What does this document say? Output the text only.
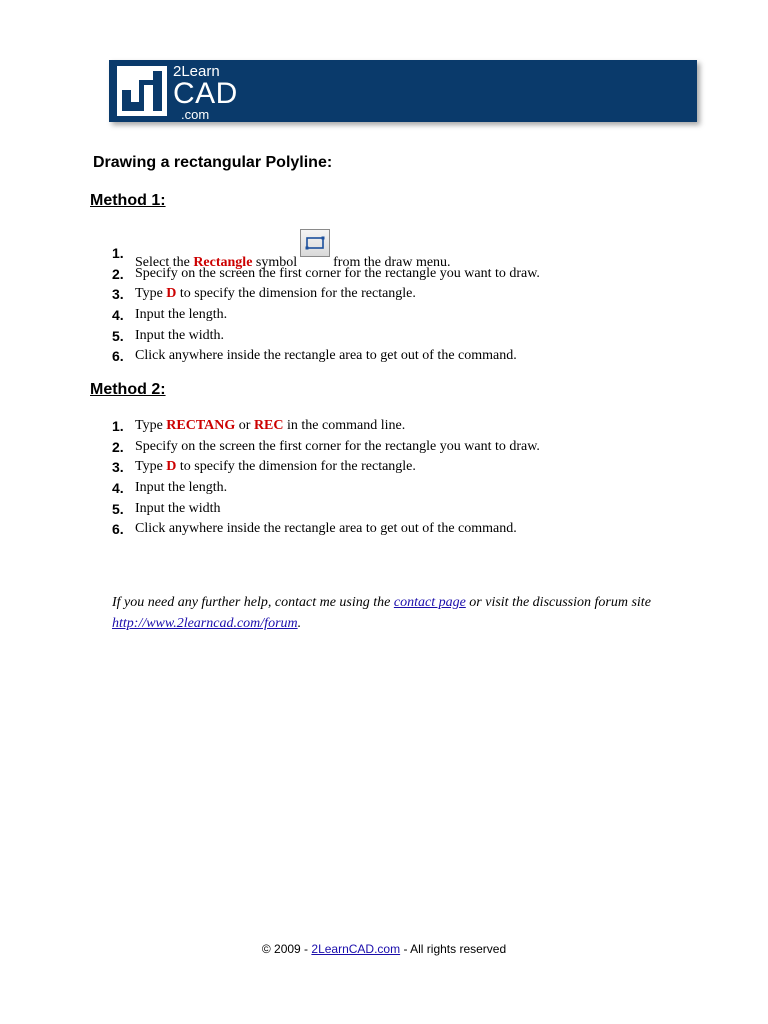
2Learn
CAD
.com
Drawing a rectangular Polyline:
Method 1:
1.
Select the Rectangle symbol	from the draw menu.
2. Specify on the screen the first corner for the rectangle you want to draw.
3. Type D to specify the dimension for the rectangle.
4. Input the length.
5. Input the width.
6. Click anywhere inside the rectangle area to get out of the command.
Method 2:
1. Type RECTANG or REC in the command line.
2. Specify on the screen the first corner for the rectangle you want to draw.
3. Type D to specify the dimension for the rectangle.
4. Input the length.
5. Input the width
6. Click anywhere inside the rectangle area to get out of the command.
If you need any further help, contact me using the contact page or visit the discussion forum site http://www.2learncad.com/forum.
© 2009 - 2LearnCAD.com - All rights reserved
